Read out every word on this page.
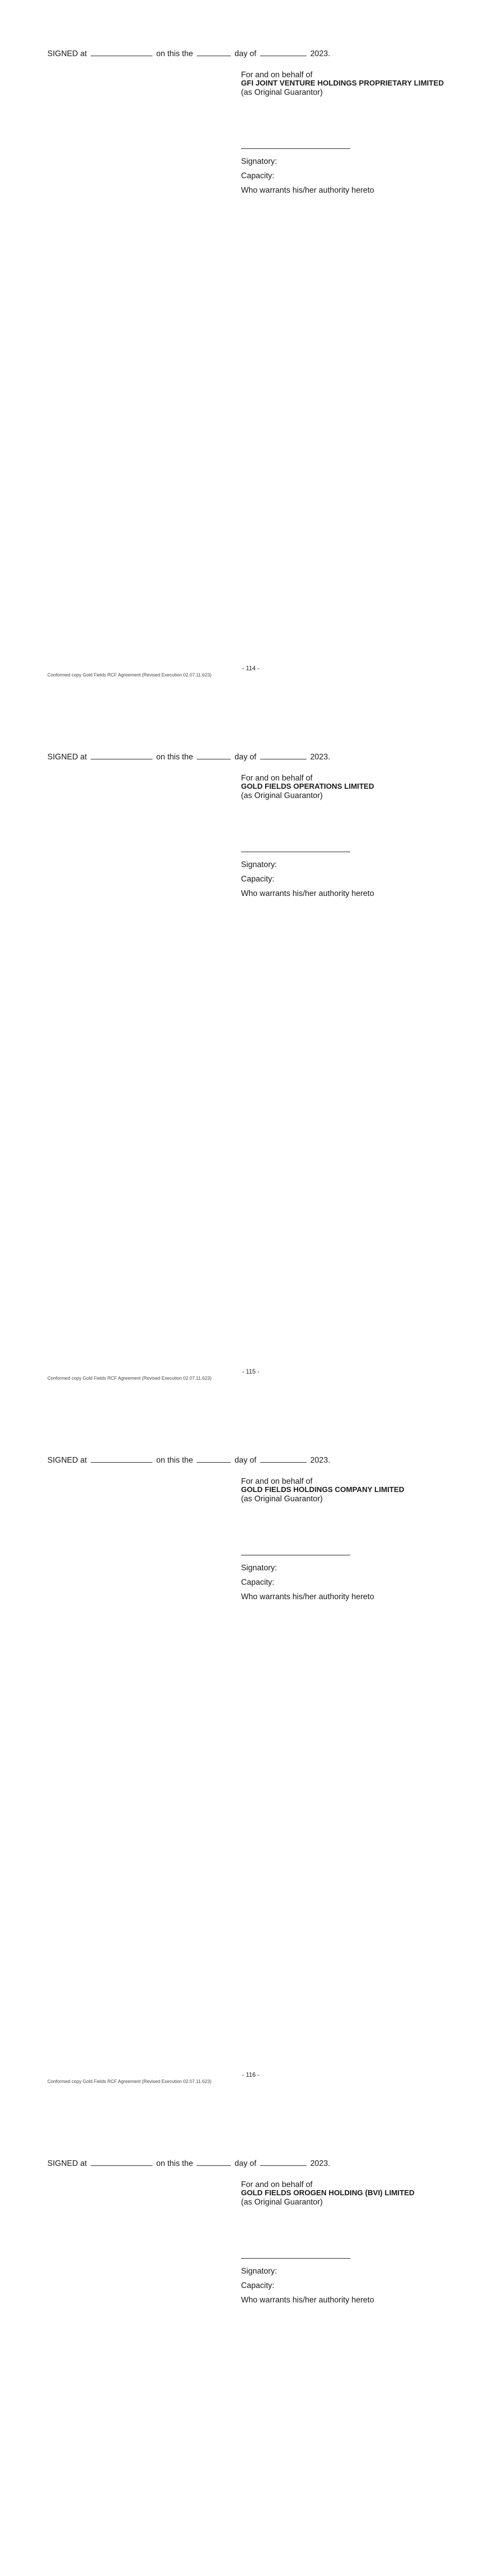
SIGNED at	on this the	day of	2023.
For and on behalf of
GFI JOINT VENTURE HOLDINGS PROPRIETARY LIMITED
(as Original Guarantor)
Signatory:
Capacity:
Who warrants his/her authority hereto
- 114 -
Conformed copy Gold Fields RCF Agreement (Revised Execution 02.07.11.623)
SIGNED at	on this the	day of	2023.
For and on behalf of
GOLD FIELDS OPERATIONS LIMITED
(as Original Guarantor)
Signatory:
Capacity:
Who warrants his/her authority hereto
- 115 -
Conformed copy Gold Fields RCF Agreement (Revised Execution 02.07.11.623)
SIGNED at	on this the	day of	2023.
For and on behalf of
GOLD FIELDS HOLDINGS COMPANY LIMITED
(as Original Guarantor)
Signatory:
Capacity:
Who warrants his/her authority hereto
- 116 -
Conformed copy Gold Fields RCF Agreement (Revised Execution 02.07.11.623)
SIGNED at	on this the	day of	2023.
For and on behalf of
GOLD FIELDS OROGEN HOLDING (BVI) LIMITED
(as Original Guarantor)
Signatory:
Capacity:
Who warrants his/her authority hereto
